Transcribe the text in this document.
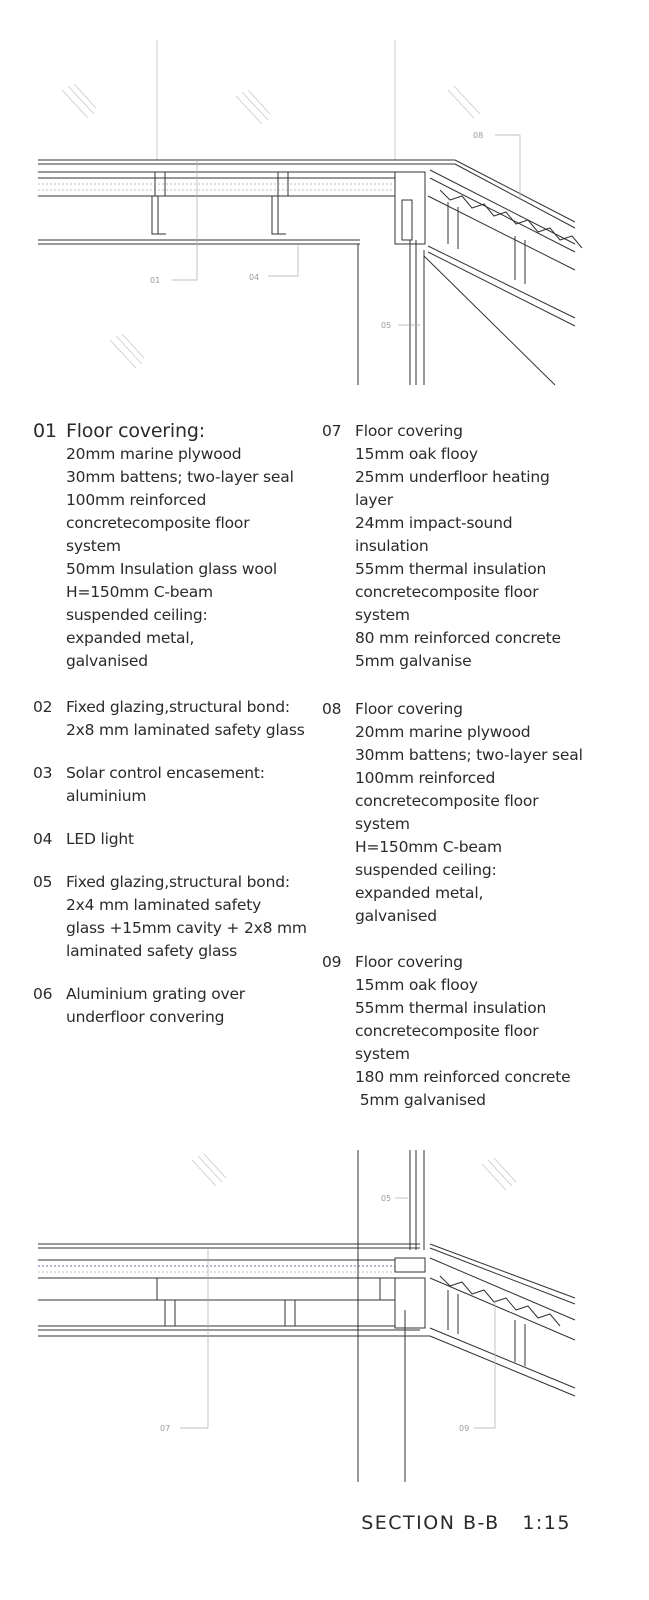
01	04
05
08
01 Floor covering:
20mm marine plywood
30mm battens; two-layer seal
100mm reinforced
concretecomposite floor
system
50mm Insulation glass wool
H=150mm C-beam
suspended ceiling:
expanded metal,
galvanised
02 Fixed glazing,structural bond:
2x8 mm laminated safety glass
03 Solar control encasement:
aluminium
04 LED light
05 Fixed glazing,structural bond:
2x4 mm laminated safety
glass +15mm cavity + 2x8 mm
laminated safety glass
06 Aluminium grating over
underfloor convering
07 Floor covering
15mm oak flooy
25mm underfloor heating
layer
24mm impact-sound
insulation
55mm thermal insulation
concretecomposite floor
system
80 mm reinforced concrete
5mm galvanise
08 Floor covering
20mm marine plywood
30mm battens; two-layer seal
100mm reinforced
concretecomposite floor
system
H=150mm C-beam
suspended ceiling:
expanded metal,
galvanised
09 Floor covering
15mm oak flooy
55mm thermal insulation
concretecomposite floor
system
180 mm reinforced concrete
5mm galvanised
05
07	09
SECTION B-B   1:15
